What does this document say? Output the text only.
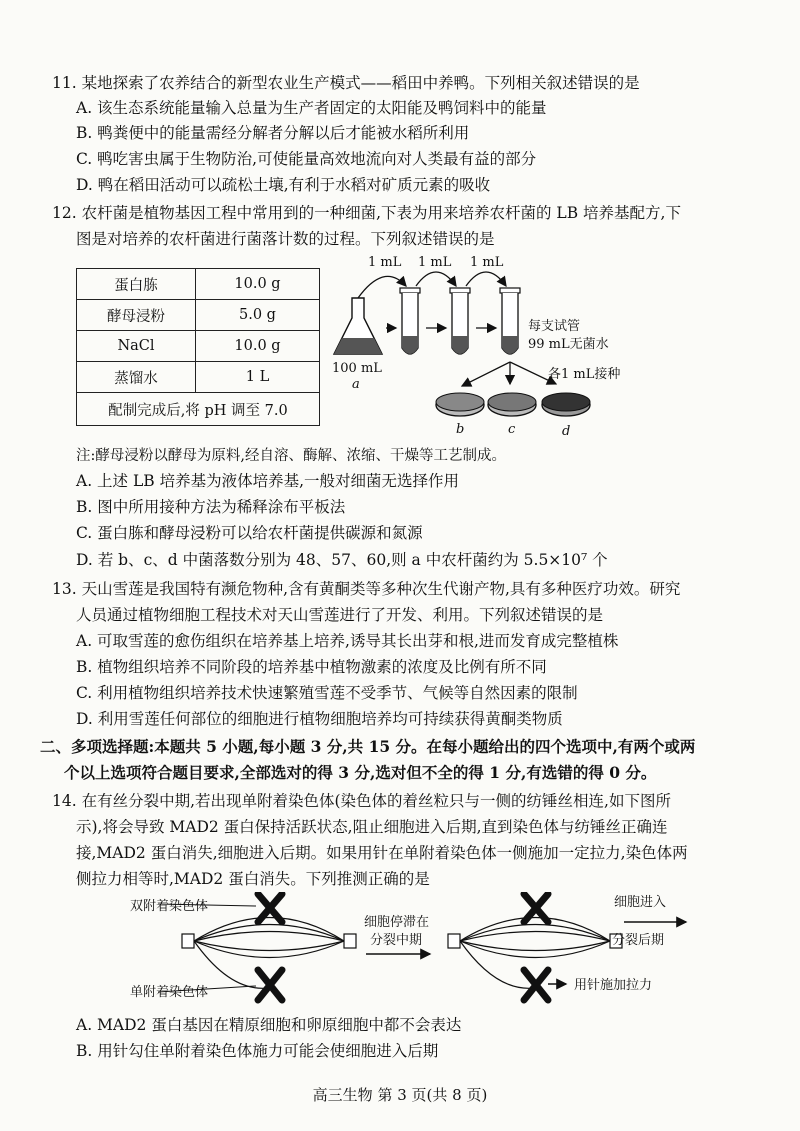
11. 某地探索了农养结合的新型农业生产模式——稻田中养鸭。下列相关叙述错误的是
A. 该生态系统能量输入总量为生产者固定的太阳能及鸭饲料中的能量
B. 鸭粪便中的能量需经分解者分解以后才能被水稻所利用
C. 鸭吃害虫属于生物防治,可使能量高效地流向对人类最有益的部分
D. 鸭在稻田活动可以疏松土壤,有利于水稻对矿质元素的吸收
12. 农杆菌是植物基因工程中常用到的一种细菌,下表为用来培养农杆菌的 LB 培养基配方,下
图是对培养的农杆菌进行菌落计数的过程。下列叙述错误的是
蛋白胨	10.0 g
酵母浸粉	5.0 g
NaCl	10.0 g
蒸馏水	1 L
配制完成后,将 pH 调至 7.0	
1 mL 1 mL 1 mL
100 mL
a
每支试管
99 mL无菌水
各1 mL接种
b	c	d
注:酵母浸粉以酵母为原料,经自溶、酶解、浓缩、干燥等工艺制成。
A. 上述 LB 培养基为液体培养基,一般对细菌无选择作用
B. 图中所用接种方法为稀释涂布平板法
C. 蛋白胨和酵母浸粉可以给农杆菌提供碳源和氮源
D. 若 b、c、d 中菌落数分别为 48、57、60,则 a 中农杆菌约为 5.5×10⁷ 个
13. 天山雪莲是我国特有濒危物种,含有黄酮类等多种次生代谢产物,具有多种医疗功效。研究
人员通过植物细胞工程技术对天山雪莲进行了开发、利用。下列叙述错误的是
A. 可取雪莲的愈伤组织在培养基上培养,诱导其长出芽和根,进而发育成完整植株
B. 植物组织培养不同阶段的培养基中植物激素的浓度及比例有所不同
C. 利用植物组织培养技术快速繁殖雪莲不受季节、气候等自然因素的限制
D. 利用雪莲任何部位的细胞进行植物细胞培养均可持续获得黄酮类物质
二、多项选择题:本题共 5 小题,每小题 3 分,共 15 分。在每小题给出的四个选项中,有两个或两
个以上选项符合题目要求,全部选对的得 3 分,选对但不全的得 1 分,有选错的得 0 分。
14. 在有丝分裂中期,若出现单附着染色体(染色体的着丝粒只与一侧的纺锤丝相连,如下图所
示),将会导致 MAD2 蛋白保持活跃状态,阻止细胞进入后期,直到染色体与纺锤丝正确连
接,MAD2 蛋白消失,细胞进入后期。如果用针在单附着染色体一侧施加一定拉力,染色体两
侧拉力相等时,MAD2 蛋白消失。下列推测正确的是
双附着染色体
单附着染色体
细胞停滞在
分裂中期
细胞进入
分裂后期
用针施加拉力
A. MAD2 蛋白基因在精原细胞和卵原细胞中都不会表达
B. 用针勾住单附着染色体施力可能会使细胞进入后期
高三生物 第 3 页(共 8 页)
